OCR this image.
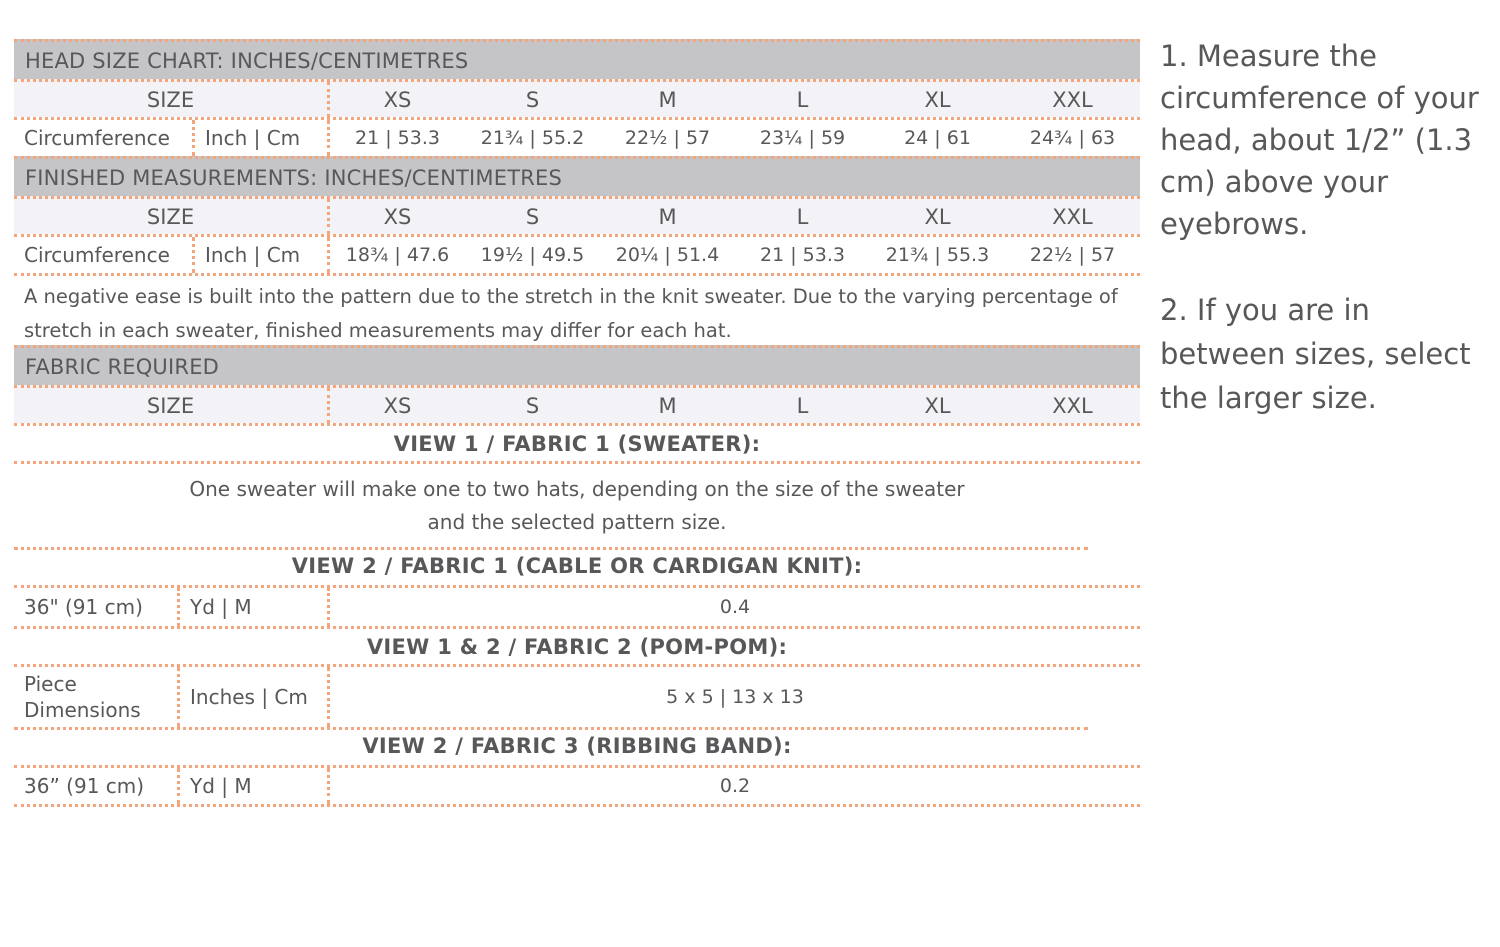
HEAD SIZE CHART: INCHES/CENTIMETRES
SIZE	XS	S	M	L	XL	XXL
Circumference	Inch | Cm	21 | 53.3	21¾ | 55.2	22½ | 57	23¼ | 59	24 | 61	24¾ | 63
FINISHED MEASUREMENTS: INCHES/CENTIMETRES
SIZE	XS	S	M	L	XL	XXL
Circumference	Inch | Cm	18¾ | 47.6	19½ | 49.5	20¼ | 51.4	21 | 53.3	21¾ | 55.3	22½ | 57
A negative ease is built into the pattern due to the stretch in the knit sweater. Due to the varying percentage of stretch in each sweater, finished measurements may differ for each hat.
FABRIC REQUIRED
SIZE	XS	S	M	L	XL	XXL
VIEW 1 / FABRIC 1 (SWEATER):
One sweater will make one to two hats, depending on the size of the sweater
and the selected pattern size.
VIEW 2 / FABRIC 1 (CABLE OR CARDIGAN KNIT):
36" (91 cm)	Yd | M	0.4
VIEW 1 & 2 / FABRIC 2 (POM-POM):
Piece
Dimensions
Inches | Cm	5 x 5 | 13 x 13
VIEW 2 / FABRIC 3 (RIBBING BAND):
36” (91 cm)	Yd | M	0.2
1. Measure the circumference of your head, about 1/2” (1.3 cm) above your eyebrows.
2. If you are in between sizes, select the larger size.
